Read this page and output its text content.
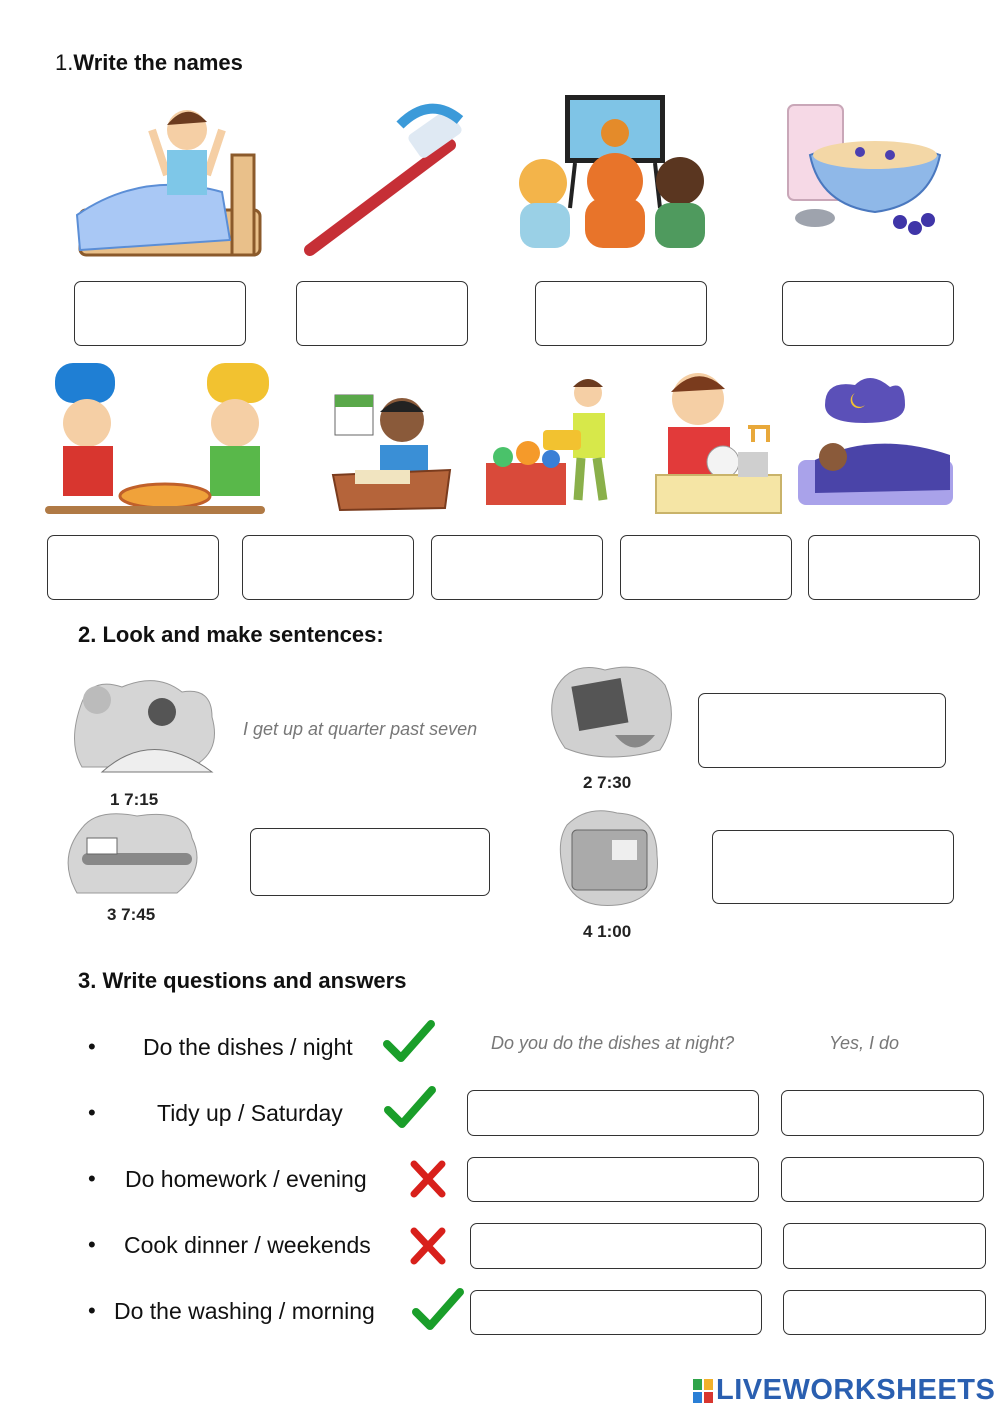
1.Write the names
2. Look and make sentences:
1 7:15
I get up at quarter past seven
2 7:30
3 7:45
4 1:00
3. Write questions and answers
• Do the dishes / night	Do you do the dishes at night?	Yes, I do
•	Tidy up / Saturday
• Do homework / evening
• Cook dinner / weekends
• Do the washing / morning
LIVEWORKSHEETS
